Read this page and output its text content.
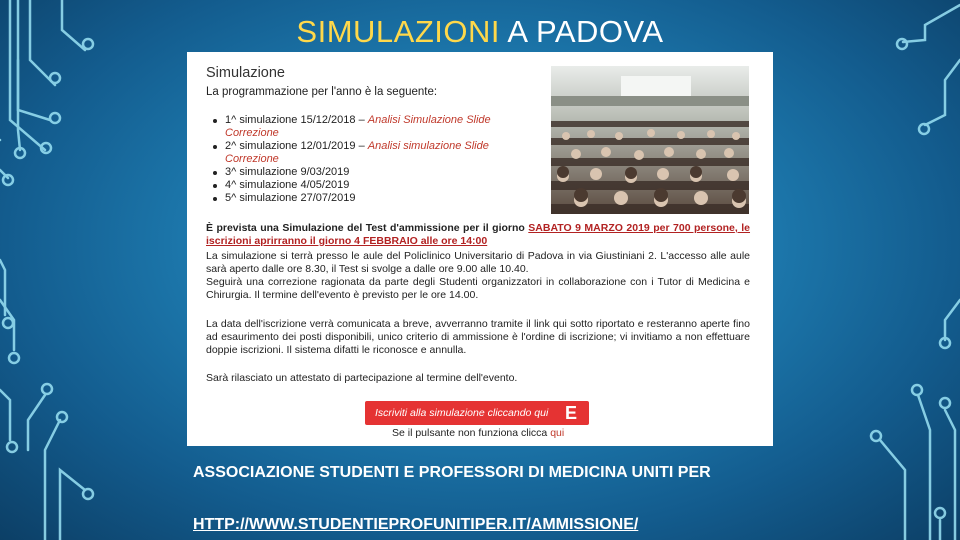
SIMULAZIONI A PADOVA
Simulazione
La programmazione per l'anno è la seguente:
1^ simulazione 15/12/2018 – Analisi Simulazione Slide
Correzione
2^ simulazione 12/01/2019 – Analisi simulazione Slide
Correzione
3^ simulazione 9/03/2019
4^ simulazione 4/05/2019
5^ simulazione 27/07/2019
È prevista una Simulazione del Test d'ammissione per il giorno SABATO 9 MARZO 2019 per 700 persone, le iscrizioni aprirranno il giorno 4 FEBBRAIO alle ore 14:00
La simulazione si terrà presso le aule del Policlinico Universitario di Padova in via Giustiniani 2. L'accesso alle aule sarà aperto dalle ore 8.30, il Test si svolge a dalle ore 9.00 alle 10.40.
Seguirà una correzione ragionata da parte degli Studenti organizzatori in collaborazione con i Tutor di Medicina e Chirurgia. Il termine dell'evento è previsto per le ore 14.00.
La data dell'iscrizione verrà comunicata a breve, avverranno tramite il link qui sotto riportato e resteranno aperte fino ad esaurimento dei posti disponibili, unico criterio di ammissione è l'ordine di iscrizione; vi invitiamo a non effettuare doppie iscrizioni. Il sistema difatti le riconosce e annulla.
Sarà rilasciato un attestato di partecipazione al termine dell'evento.
Iscriviti alla simulazione cliccando qui E
Se il pulsante non funziona clicca qui
ASSOCIAZIONE STUDENTI E PROFESSORI DI MEDICINA UNITI PER
HTTP://WWW.STUDENTIEPROFUNITIPER.IT/AMMISSIONE/
